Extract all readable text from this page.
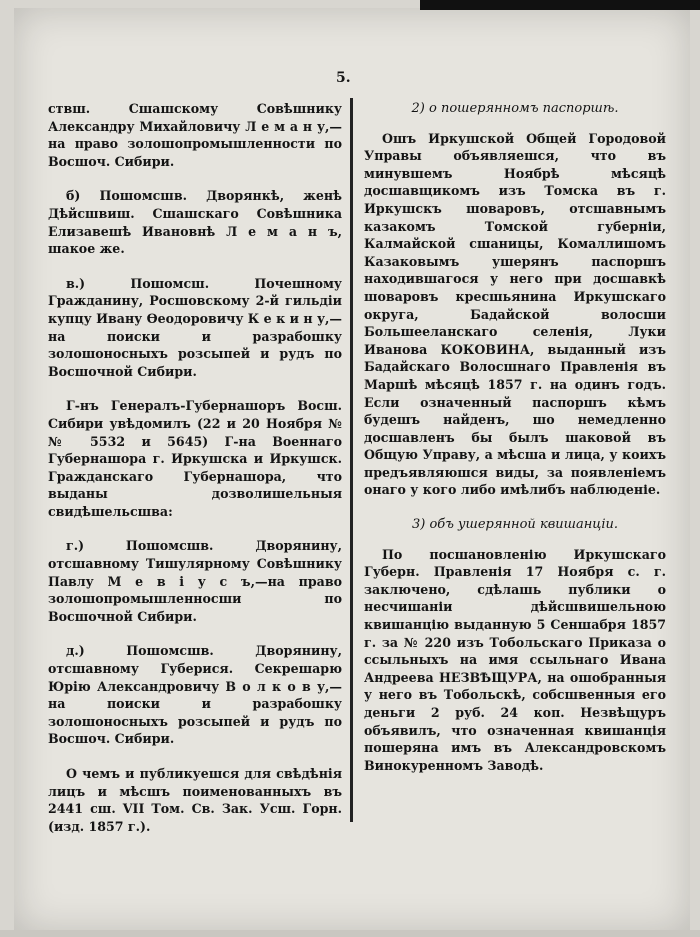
5.

ствш. Сшашскому Совѣшнику Александру Михайловичу Л е м а н у,—на право золошопромышленности по Восшоч. Сибири.

б) Пошомсшв. Дворянкѣ, женѣ Дѣйсшвиш. Сшашскаго Совѣшника Елизавешѣ Ивановнѣ Л е м а н ъ, шакое же.

в.) Пошомсш. Почешному Гражданину, Росшовскому 2-й гильдiи купцу Ивану Ѳеодоровичу К е к и н у,—на поиски и разрабошку золошоносныхъ розсыпей и рудъ по Восшочной Сибири.

Г-нъ Генералъ-Губернашоръ Восш. Сибири увѣдомилъ (22 и 20 Ноября № № 5532 и 5645) Г-на Военнаго Губернашора г. Иркушска и Иркушск. Гражданскаго Губернашора, что выданы дозволишельныя свидѣшельсшва:

г.) Пошомсшв. Дворянину, отсшавному Тишулярному Совѣшнику Павлу М е в i у с ъ,—на право золошопромышленносши по Восшочной Сибири.

д.) Пошомсшв. Дворянину, отсшавному Губерися. Секрешарю Юрiю Александровичу В о л к о в у,—на поиски и разрабошку золошоносныхъ розсыпей и рудъ по Восшоч. Сибири.

О чемъ и публикуешся для свѣдѣнiя лицъ и мѣсшъ поименованныхъ въ 2441 сш. VII Том. Св. Зак. Усш. Горн. (изд. 1857 г.).

2) о пошерянномъ паспоршѣ.

Ошъ Иркушской Общей Городовой Управы объявляешся, что въ минувшемъ Ноябрѣ мѣсяцѣ досшавщикомъ изъ Томска въ г. Иркушскъ шоваровъ, отсшавнымъ казакомъ Томской губерніи, Калмайской сшаницы, Комаллишомъ Казаковымъ ушерянъ паспоршъ находившагося у него при досшавкѣ шоваровъ кресшьянина Иркушскаго округа, Бадайской волосши Большееланскаго селенія, Луки Иванова КОКОВИНА, выданный изъ Бадайскаго Волосшнаго Правленія въ Маршѣ мѣсяцѣ 1857 г. на одинъ годъ. Если означенный паспоршъ кѣмъ будешъ найденъ, шо немедленно досшавленъ бы былъ шаковой въ Общую Управу, а мѣсша и лица, у коихъ предъявляюшся виды, за появленіемъ онаго у кого либо имѣлибъ наблюденіе.

3) объ ушерянной квишанціи.

По посшановленію Иркушскаго Губерн. Правленія 17 Ноября с. г. заключено, сдѣлашь публики о несчишаніи дѣйсшвишельною квишанцію выданную 5 Сеншабря 1857 г. за № 220 изъ Тобольскаго Приказа о ссыльныхъ на имя ссыльнаго Ивана Андреева НЕЗВѢЩУРА, на ошобранныя у него въ Тобольскѣ, собсшвенныя его деньги 2 руб. 24 коп. Незвѣщуръ объявилъ, что означенная квишанція пошеряна имъ въ Александровскомъ Винокуренномъ Заводѣ.
